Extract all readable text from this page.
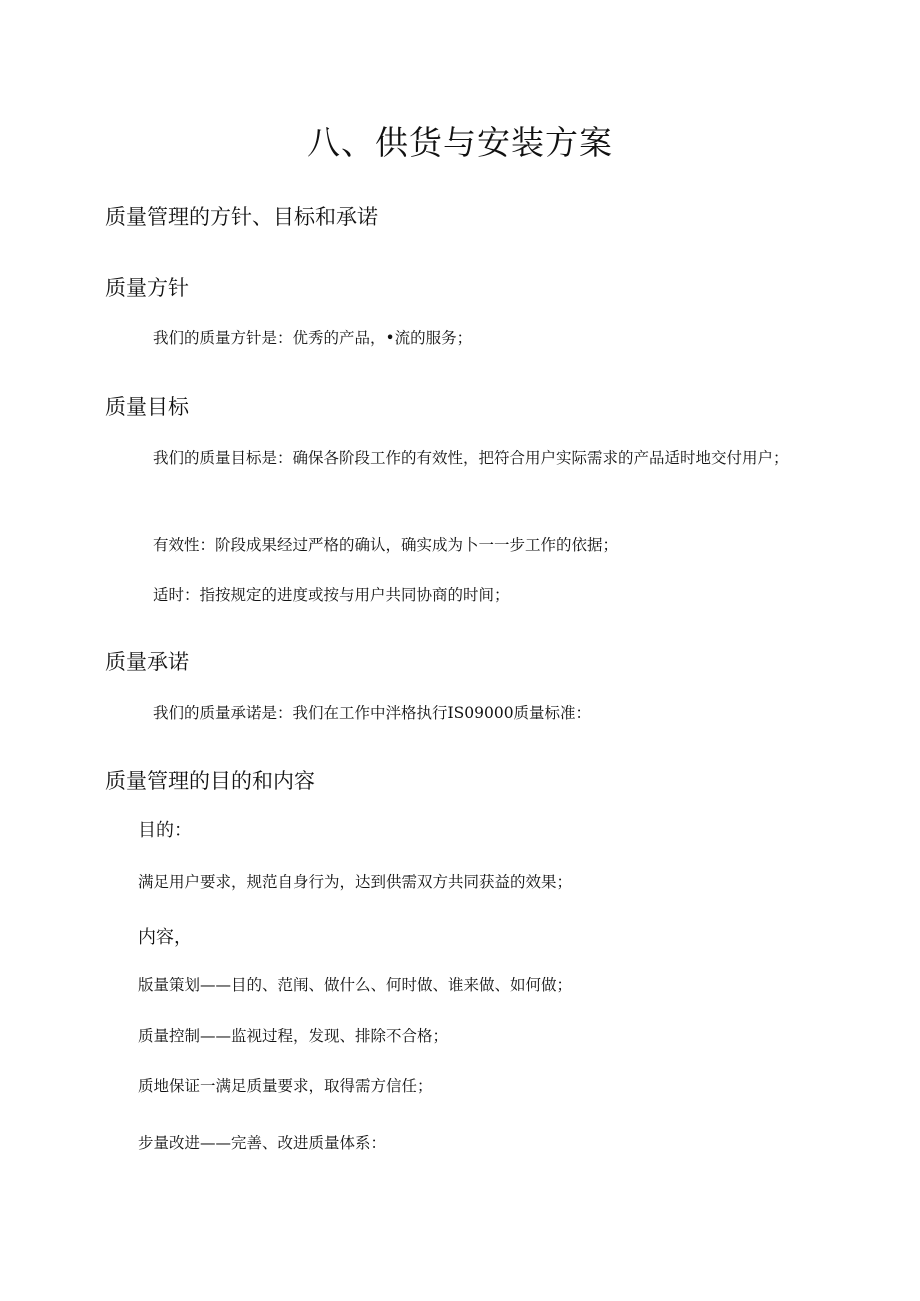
八、供货与安装方案
质量管理的方针、目标和承诺
质量方针

我们的质量方针是：优秀的产品，•流的服务；

质量目标

我们的质量目标是：确保各阶段工作的有效性，把符合用户实际需求的产品适时地交付用户；

有效性：阶段成果经过严格的确认，确实成为卜一一步工作的依据；

适时：指按规定的进度或按与用户共同协商的时间；

质量承诺

我们的质量承诺是：我们在工作中泮格执行IS09000质量标准：

质量管理的目的和内容
目的：

满足用户要求，规范自身行为，达到供需双方共同获益的效果；

内容，

版量策划——目的、范闱、做什么、何时做、谁来做、如何做；

质量控制——监视过程，发现、排除不合格；

质地保证一满足质量要求，取得需方信任；

步量改进——完善、改进质量体系：
